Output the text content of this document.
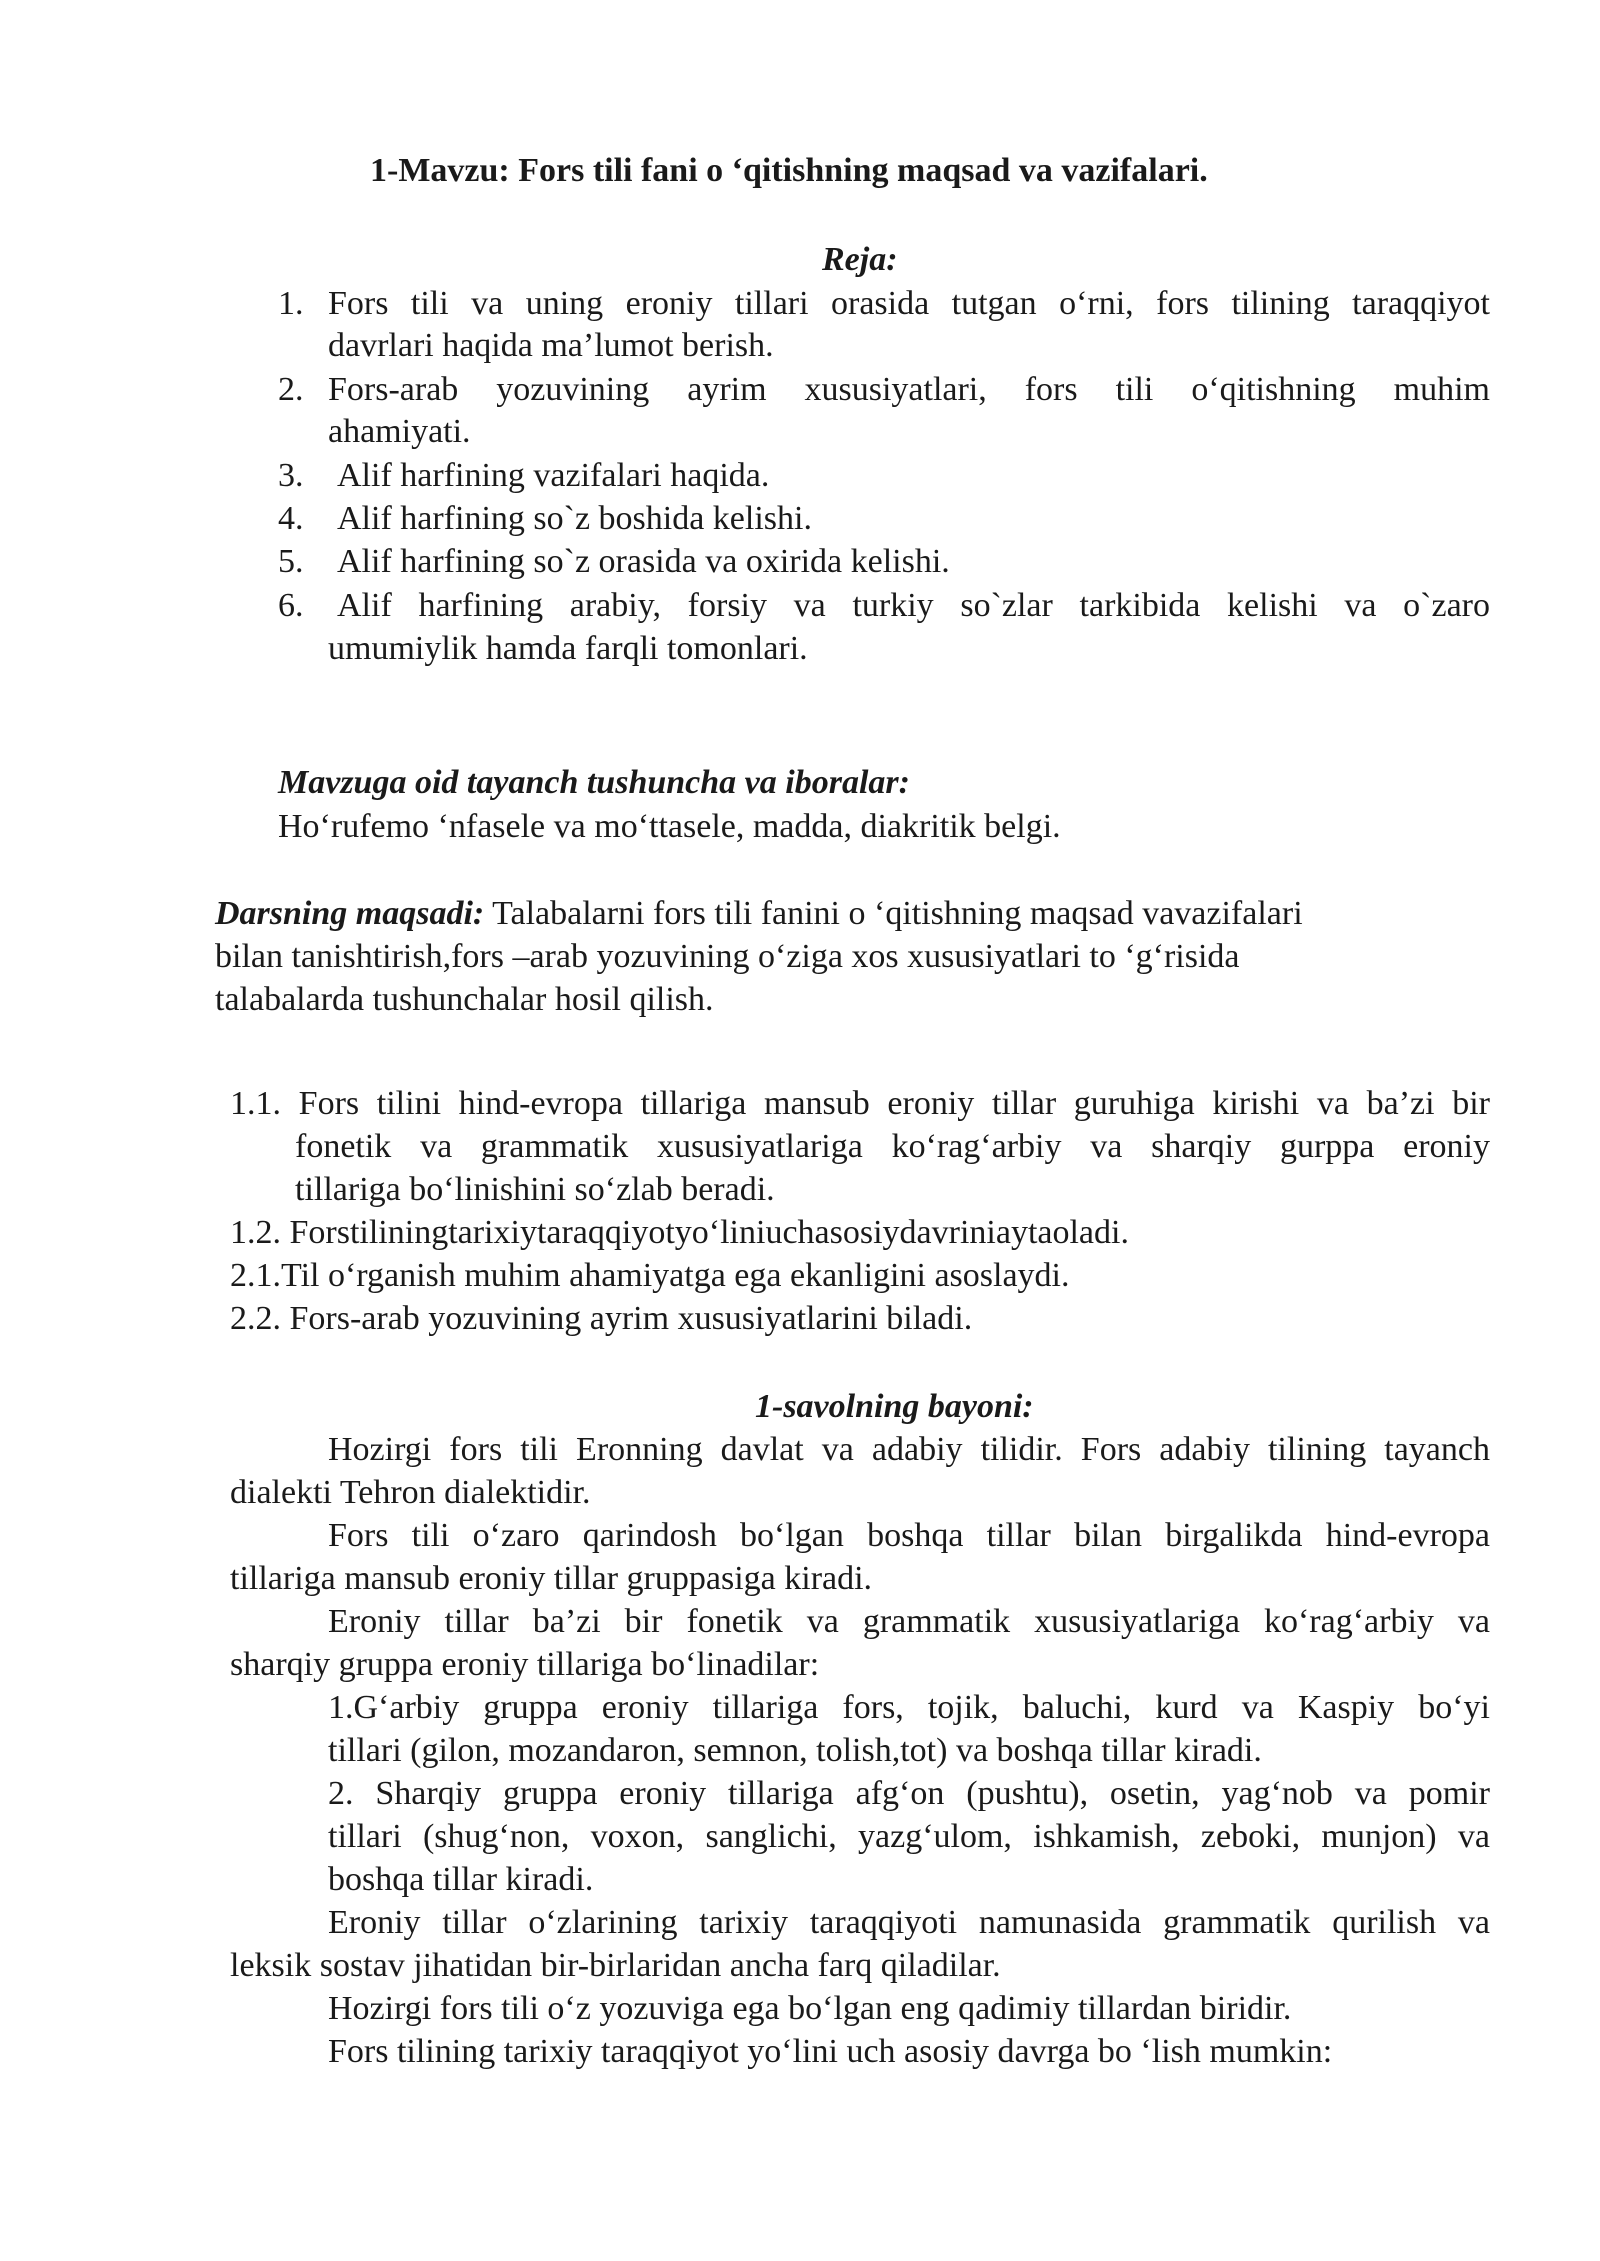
1-Mavzu: Fors tili fani o ‘qitishning maqsad va vazifalari.
Reja:
1. Fors tili va uning eroniy tillari orasida tutgan o‘rni, fors tilining taraqqiyot
davrlari haqida ma’lumot berish.
2. Fors-arab yozuvining ayrim xususiyatlari, fors tili o‘qitishning muhim
ahamiyati.
3. Alif harfining vazifalari haqida.
4. Alif harfining so`z boshida kelishi.
5. Alif harfining so`z orasida va oxirida kelishi.
6. Alif harfining arabiy, forsiy va turkiy so`zlar tarkibida kelishi va o`zaro
umumiylik hamda farqli tomonlari.
Mavzuga oid tayanch tushuncha va iboralar:
Ho‘rufemo ‘nfasele va mo‘ttasele, madda, diakritik belgi.
Darsning maqsadi: Talabalarni fors tili fanini o ‘qitishning maqsad vavazifalari
bilan tanishtirish,fors –arab yozuvining o‘ziga xos xususiyatlari to ‘g‘risida
talabalarda tushunchalar hosil qilish.
1.1. Fors tilini hind-evropa tillariga mansub eroniy tillar guruhiga kirishi va ba’zi bir
fonetik va grammatik xususiyatlariga ko‘rag‘arbiy va sharqiy gurppa eroniy
tillariga bo‘linishini so‘zlab beradi.
1.2. Forstiliningtarixiytaraqqiyotyo‘liniuchasosiydavriniaytaoladi.
2.1.Til o‘rganish muhim ahamiyatga ega ekanligini asoslaydi.
2.2. Fors-arab yozuvining ayrim xususiyatlarini biladi.
1-savolning bayoni:
Hozirgi fors tili Eronning davlat va adabiy tilidir. Fors adabiy tilining tayanch
dialekti Tehron dialektidir.
Fors tili o‘zaro qarindosh bo‘lgan boshqa tillar bilan birgalikda hind-evropa
tillariga mansub eroniy tillar gruppasiga kiradi.
Eroniy tillar ba’zi bir fonetik va grammatik xususiyatlariga ko‘rag‘arbiy va
sharqiy gruppa eroniy tillariga bo‘linadilar:
1.G‘arbiy gruppa eroniy tillariga fors, tojik, baluchi, kurd va Kaspiy bo‘yi
tillari (gilon, mozandaron, semnon, tolish,tot) va boshqa tillar kiradi.
2. Sharqiy gruppa eroniy tillariga afg‘on (pushtu), osetin, yag‘nob va pomir
tillari (shug‘non, voxon, sanglichi, yazg‘ulom, ishkamish, zeboki, munjon) va
boshqa tillar kiradi.
Eroniy tillar o‘zlarining tarixiy taraqqiyoti namunasida grammatik qurilish va
leksik sostav jihatidan bir-birlaridan ancha farq qiladilar.
Hozirgi fors tili o‘z yozuviga ega bo‘lgan eng qadimiy tillardan biridir.
Fors tilining tarixiy taraqqiyot yo‘lini uch asosiy davrga bo ‘lish mumkin:
